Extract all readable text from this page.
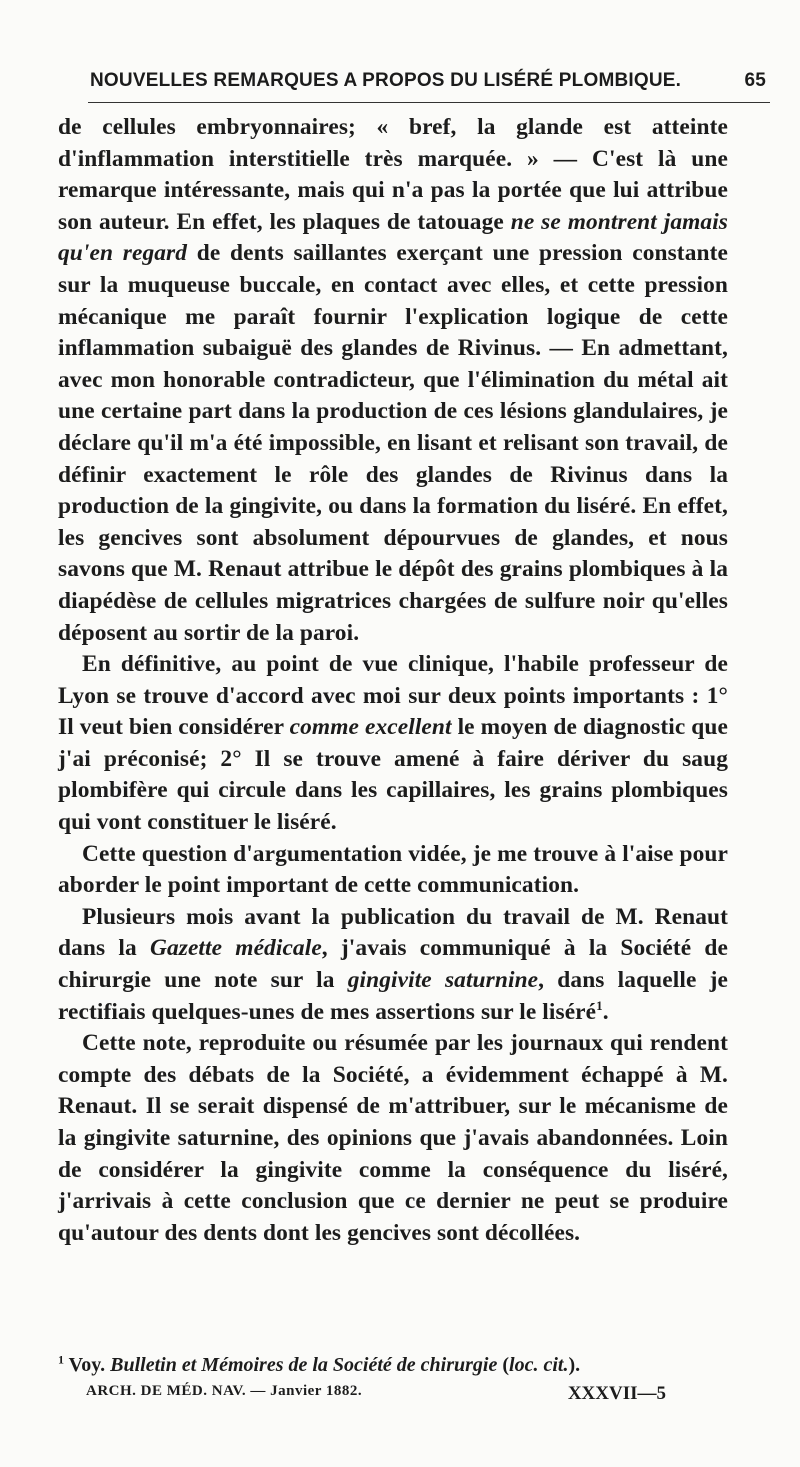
NOUVELLES REMARQUES A PROPOS DU LISÉRÉ PLOMBIQUE.	65

de cellules embryonnaires; « bref, la glande est atteinte d'inflammation interstitielle très marquée. » — C'est là une remarque intéressante, mais qui n'a pas la portée que lui attribue son auteur. En effet, les plaques de tatouage ne se montrent jamais qu'en regard de dents saillantes exerçant une pression constante sur la muqueuse buccale, en contact avec elles, et cette pression mécanique me paraît fournir l'explication logique de cette inflammation subaiguë des glandes de Rivinus. — En admettant, avec mon honorable contradicteur, que l'élimination du métal ait une certaine part dans la production de ces lésions glandulaires, je déclare qu'il m'a été impossible, en lisant et relisant son travail, de définir exactement le rôle des glandes de Rivinus dans la production de la gingivite, ou dans la formation du liséré. En effet, les gencives sont absolument dépourvues de glandes, et nous savons que M. Renaut attribue le dépôt des grains plombiques à la diapédèse de cellules migratrices chargées de sulfure noir qu'elles déposent au sortir de la paroi.

En définitive, au point de vue clinique, l'habile professeur de Lyon se trouve d'accord avec moi sur deux points importants : 1° Il veut bien considérer comme excellent le moyen de diagnostic que j'ai préconisé; 2° Il se trouve amené à faire dériver du saug plombifère qui circule dans les capillaires, les grains plombiques qui vont constituer le liséré.

Cette question d'argumentation vidée, je me trouve à l'aise pour aborder le point important de cette communication.

Plusieurs mois avant la publication du travail de M. Renaut dans la Gazette médicale, j'avais communiqué à la Société de chirurgie une note sur la gingivite saturnine, dans laquelle je rectifiais quelques-unes de mes assertions sur le liséré$^1$.

Cette note, reproduite ou résumée par les journaux qui rendent compte des débats de la Société, a évidemment échappé à M. Renaut. Il se serait dispensé de m'attribuer, sur le mécanisme de la gingivite saturnine, des opinions que j'avais abandonnées. Loin de considérer la gingivite comme la conséquence du liséré, j'arrivais à cette conclusion que ce dernier ne peut se produire qu'autour des dents dont les gencives sont décollées.

$^1$ Voy. Bulletin et Mémoires de la Société de chirurgie (loc. cit.).
ARCH. DE MÉD. NAV. — Janvier 1882.	XXXVII—5
